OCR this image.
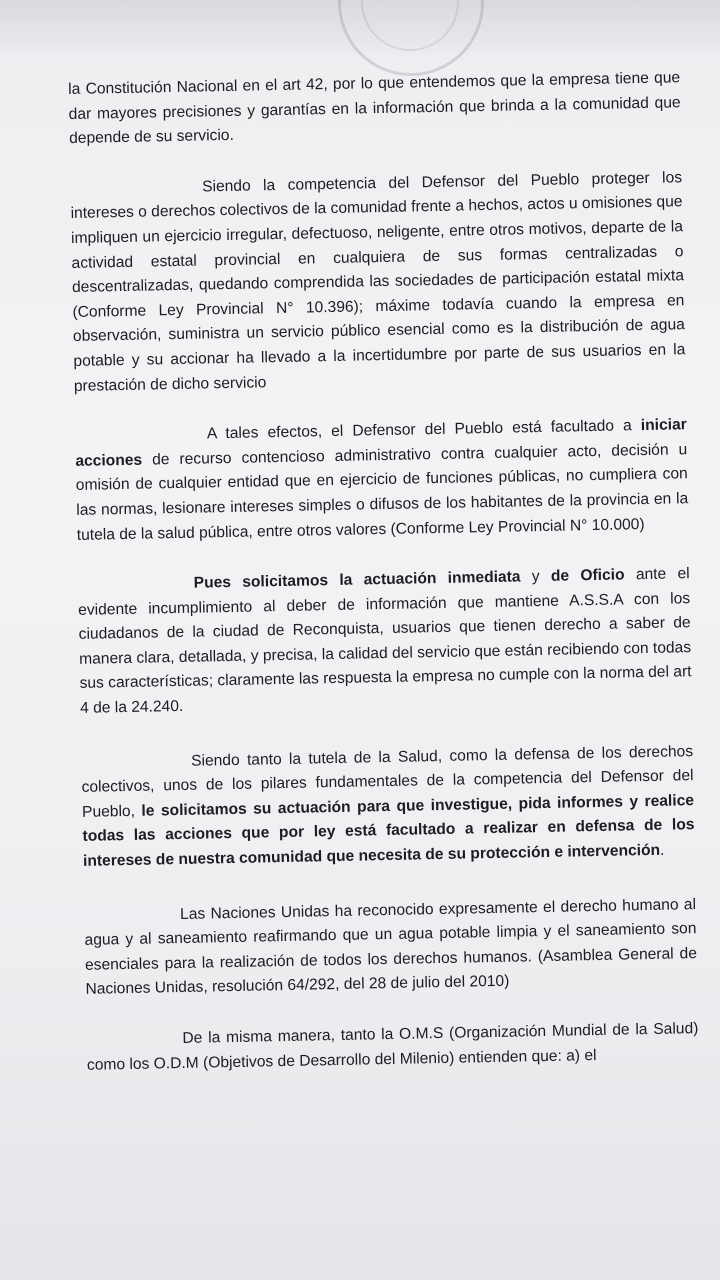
la Constitución Nacional en el art 42, por lo que entendemos que la empresa tiene que dar mayores precisiones y garantías en la información que brinda a la comunidad que depende de su servicio.

Siendo la competencia del Defensor del Pueblo proteger los intereses o derechos colectivos de la comunidad frente a hechos, actos u omisiones que impliquen un ejercicio irregular, defectuoso, neligente, entre otros motivos, departe de la actividad estatal provincial en cualquiera de sus formas centralizadas o descentralizadas, quedando comprendida las sociedades de participación estatal mixta (Conforme Ley Provincial N° 10.396); máxime todavía cuando la empresa en observación, suministra un servicio público esencial como es la distribución de agua potable y su accionar ha llevado a la incertidumbre por parte de sus usuarios en la prestación de dicho servicio

A tales efectos, el Defensor del Pueblo está facultado a iniciar acciones de recurso contencioso administrativo contra cualquier acto, decisión u omisión de cualquier entidad que en ejercicio de funciones públicas, no cumpliera con las normas, lesionare intereses simples o difusos de los habitantes de la provincia en la tutela de la salud pública, entre otros valores (Conforme Ley Provincial N° 10.000)

Pues solicitamos la actuación inmediata y de Oficio ante el evidente incumplimiento al deber de información que mantiene A.S.S.A con los ciudadanos de la ciudad de Reconquista, usuarios que tienen derecho a saber de manera clara, detallada, y precisa, la calidad del servicio que están recibiendo con todas sus características; claramente las respuesta la empresa no cumple con la norma del art 4 de la 24.240.

Siendo tanto la tutela de la Salud, como la defensa de los derechos colectivos, unos de los pilares fundamentales de la competencia del Defensor del Pueblo, le solicitamos su actuación para que investigue, pida informes y realice todas las acciones que por ley está facultado a realizar en defensa de los intereses de nuestra comunidad que necesita de su protección e intervención.

Las Naciones Unidas ha reconocido expresamente el derecho humano al agua y al saneamiento reafirmando que un agua potable limpia y el saneamiento son esenciales para la realización de todos los derechos humanos. (Asamblea General de Naciones Unidas, resolución 64/292, del 28 de julio del 2010)

De la misma manera, tanto la O.M.S (Organización Mundial de la Salud) como los O.D.M (Objetivos de Desarrollo del Milenio) entienden que: a) el
